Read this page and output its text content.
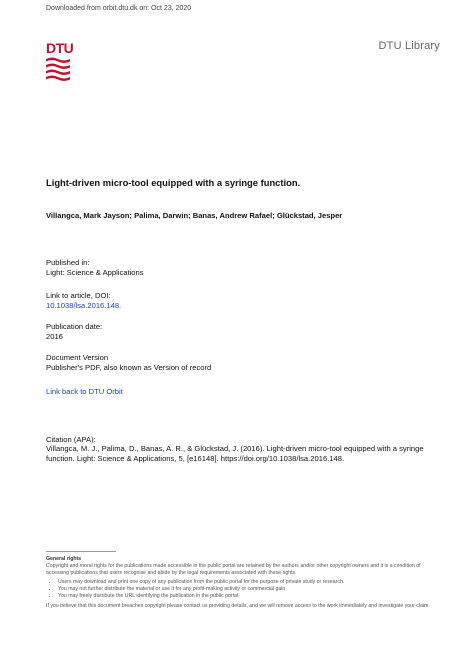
Downloaded from orbit.dtu.dk on: Oct 23, 2020
DTU	DTU Library
Light-driven micro-tool equipped with a syringe function.
Villangca, Mark Jayson; Palima, Darwin; Banas, Andrew Rafael; Glückstad, Jesper
Published in:
Light: Science & Applications
Link to article, DOI:
10.1038/lsa.2016.148.
Publication date:
2016
Document Version
Publisher's PDF, also known as Version of record
Link back to DTU Orbit
Citation (APA):
Villangca, M. J., Palima, D., Banas, A. R., & Glückstad, J. (2016). Light-driven micro-tool equipped with a syringe function. Light: Science & Applications, 5, [e16148]. https://doi.org/10.1038/lsa.2016.148.
General rights

Copyright and moral rights for the publications made accessible in the public portal are retained by the authors and/or other copyright owners and it is a condition of accessing publications that users recognise and abide by the legal requirements associated with these rights.

• Users may download and print one copy of any publication from the public portal for the purpose of private study or research.
• You may not further distribute the material or use it for any profit-making activity or commercial gain
• You may freely distribute the URL identifying the publication in the public portal

If you believe that this document breaches copyright please contact us providing details, and we will remove access to the work immediately and investigate your claim.
